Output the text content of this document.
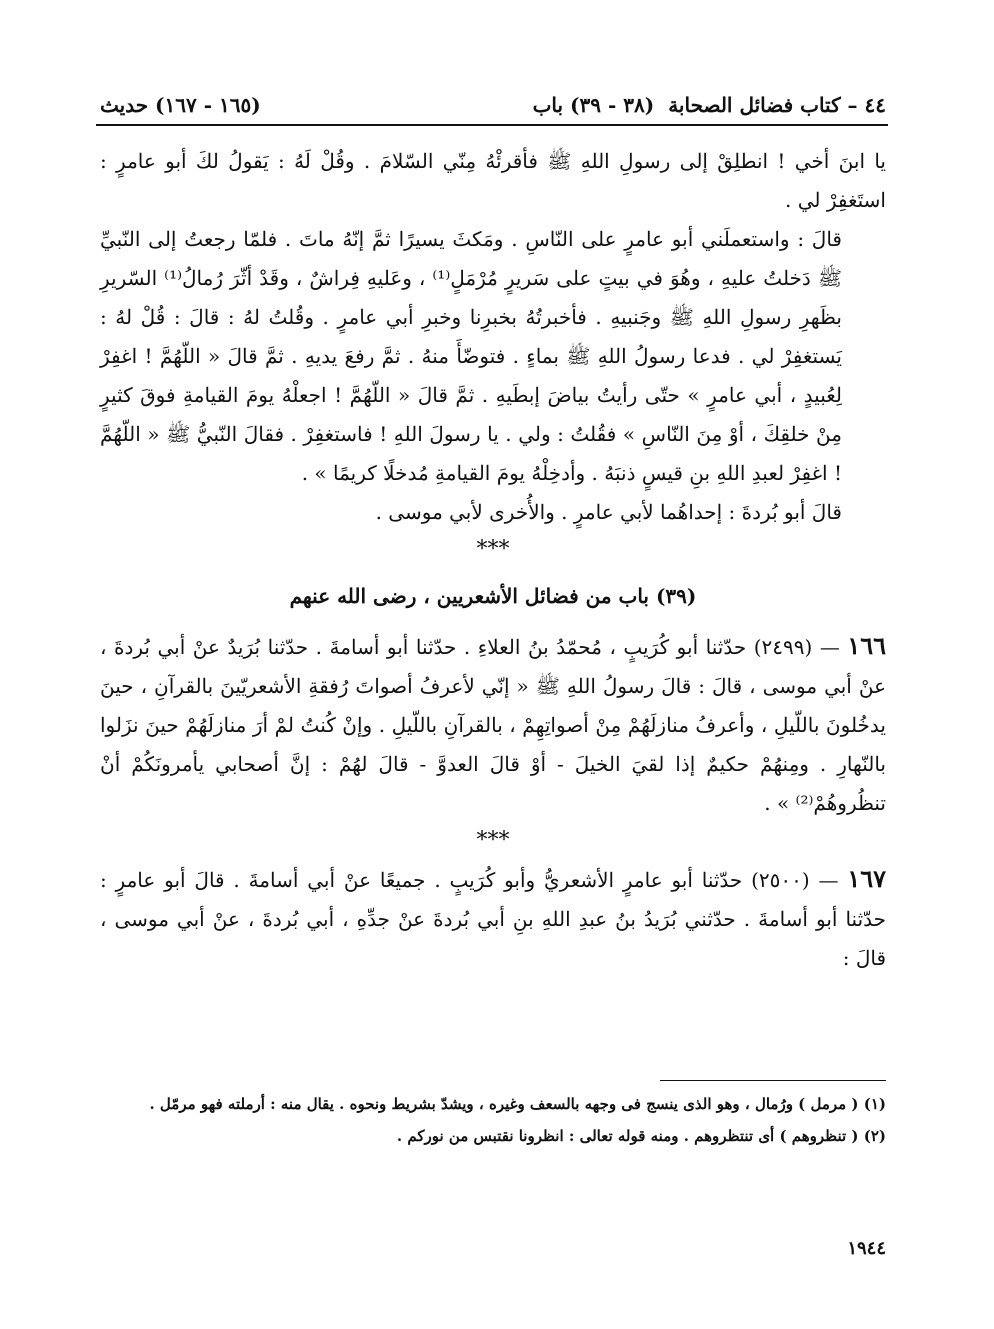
٤٤ – كتاب فضائل الصحابة
(٣٨ - ٣٩) باب
(١٦٥ - ١٦٧) حديث

يا ابنَ أخي ! انطلِقْ إلى رسولِ اللهِ ﷺ فأقرئْهُ مِنّي السّلامَ . وقُلْ لَهُ : يَقولُ لكَ أبو عامرٍ : استَغفِرْ لي .

قالَ : واستعملَني أبو عامرٍ على النّاسِ . ومَكثَ يسيرًا ثمَّ إنّهُ ماتَ . فلمّا رجعتُ إلى النّبيِّ ﷺ دَخلتُ عليهِ ، وهُوَ في بيتٍ على سَريرٍ مُرْمَلٍ⁽¹⁾ ، وعَليهِ فِراشٌ ، وقَدْ أثّرَ رُمالُ⁽¹⁾ السّريرِ بظَهرِ رسولِ اللهِ ﷺ وجَنبيهِ . فأخبرتُهُ بخبرِنا وخبرِ أبي عامرٍ . وقُلتُ لهُ : قالَ : قُلْ لهُ : يَستغفِرْ لي . فدعا رسولُ اللهِ ﷺ بماءٍ . فتوضّأَ منهُ . ثمَّ رفعَ يديهِ . ثمَّ قالَ « اللّهُمَّ ! اغفِرْ لِعُبيدٍ ، أبي عامرٍ » حتّى رأيتُ بياضَ إبطَيهِ . ثمَّ قالَ « اللّهُمَّ ! اجعلْهُ يومَ القيامةِ فوقَ كثيرٍ مِنْ خلقِكَ ، أوْ مِنَ النّاسِ » فقُلتُ : ولي . يا رسولَ اللهِ ! فاستغفِرْ . فقالَ النّبيُّ ﷺ « اللّهُمَّ ! اغفِرْ لعبدِ اللهِ بنِ قيسٍ ذنبَهُ . وأدخِلْهُ يومَ القيامةِ مُدخلًا كريمًا » .

قالَ أبو بُردةَ : إحداهُما لأبي عامرٍ . والأُخرى لأبي موسى .

***
(٣٩) باب من فضائل الأشعريين ، رضى الله عنهم

١٦٦ — (٢٤٩٩) حدّثنا أبو كُرَيبٍ ، مُحمّدُ بنُ العلاءِ . حدّثنا أبو أسامةَ . حدّثنا بُرَيدٌ عنْ أبي بُردةَ ، عنْ أبي موسى ، قالَ : قالَ رسولُ اللهِ ﷺ « إنّي لأعرفُ أصواتَ رُفقةِ الأشعريّينَ بالقرآنِ ، حينَ يدخُلونَ باللّيلِ ، وأعرفُ منازلَهُمْ مِنْ أصواتِهِمْ ، بالقرآنِ باللّيلِ . وإنْ كُنتُ لمْ أرَ منازلَهُمْ حينَ نزَلوا بالنّهارِ . ومِنهُمْ حكيمٌ إذا لقيَ الخيلَ - أوْ قالَ العدوَّ - قالَ لهُمْ : إنَّ أصحابي يأمرونَكُمْ أنْ تنظُروهُمْ⁽²⁾ » .

***

١٦٧ — (٢٥٠٠) حدّثنا أبو عامرٍ الأشعريُّ وأبو كُرَيبٍ . جميعًا عنْ أبي أسامةَ . قالَ أبو عامرٍ : حدّثنا أبو أسامةَ . حدّثني بُرَيدُ بنُ عبدِ اللهِ بنِ أبي بُردةَ عنْ جدِّهِ ، أبي بُردةَ ، عنْ أبي موسى ، قالَ :

(١) ( مرمل ) ورُمال ، وهو الذى ينسج فى وجهه بالسعف وغيره ، ويشدّ بشريط ونحوه . يقال منه : أرملته فهو مرمّل .

(٢) ( تنظروهم ) أى تنتظروهم . ومنه قوله تعالى : انظرونا نقتبس من نوركم .

١٩٤٤
